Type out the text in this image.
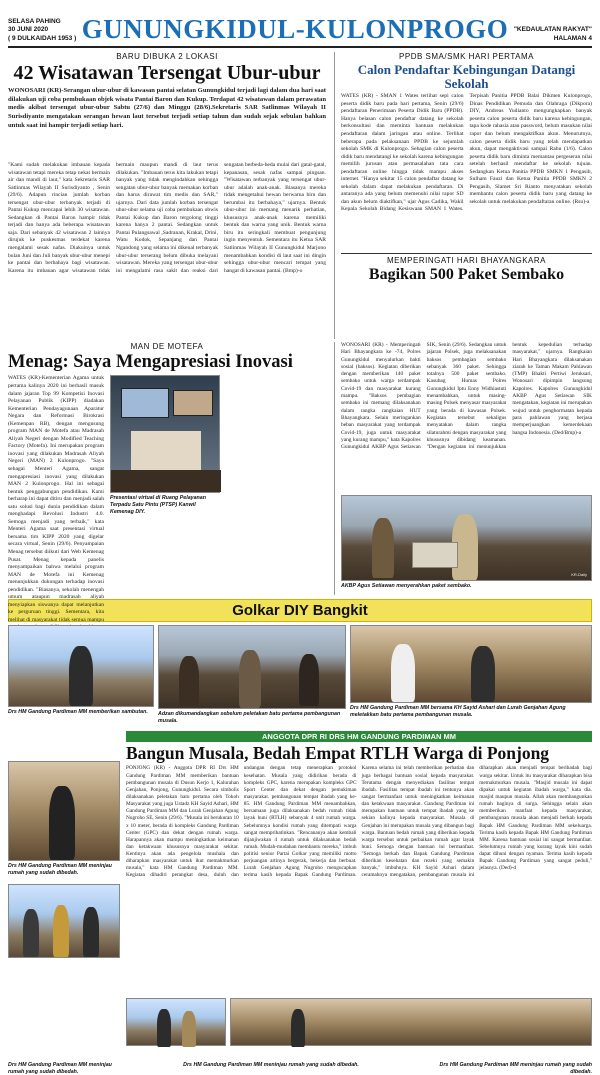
SELASA PAHING
30 JUNI 2020
( 9 DULKAIDAH 1953 ) GUNUNGKIDUL-KULONPROGO "KEDAULATAN RAKYAT"
HALAMAN 4
BARU DIBUKA 2 LOKASI
42 Wisatawan Tersengat Ubur-ubur
WONOSARI (KR)-Serangan ubur-ubur di kawasan pantai selatan Gunungkidul terjadi lagi dalam dua hari saat dilakukan uji coba pembukaan objek wisata Pantai Baron dan Kukup. Terdapat 42 wisatawan dalam perawatan medis akibat tersengat ubur-ubur Sabtu (27/6) dan Minggu (28/6).Sekretaris SAR Satlinmas Wilayah II Surisdiyanto mengatakan serangan hewan laut tersebut terjadi setiap tahun dan sudah sejak sebulan bahkan untuk saat ini hampir terjadi setiap hari.
"Kami sudah melakukan imbauan kepada wisatawan tetapi mereka tetap nekat bermain air dan mandi di laut," kata Sekretaris SAR Satlinmas Wilayah II Surisdiyanto , Senin (29/6). Adapun rincian jumlah korban tersengat ubur-ubur terbanyak terjadi di Pantai Kukup mencapai lebih 30 wisatawan. Sedangkan di Pantai Baron hampir tidak terjadi dan hanya ada beberapa wisatawan saja. Dari sebanyak 42 wisatawan 2 lainnya dirujuk ke puskesmas terdekat karena mengalami sesak nafas. Diakuinya untuk bulan Juni dan Juli banyak ubur-ubur menepi ke pantai dan berbahaya bagi wisatawan. Karena itu imbauan agar wisatawan tidak bermain maupun mandi di laut terus dilakukan. "Imbauan terus kita lakukan tetapi banyak yang tidak mengindahkan sehingga sengatan ubur-ubur banyak memakan korban dan harus dirawat tim medis dan SAR," ujarnya. Dari data jumlah korban tersengat ubur-ubur selama uji coba pembukaan obwis Pantai Kukup dan Baron tergolong tinggi karena hanya 2 pantai. Sedangkan untuk Pantai Pulangsawal ,Sadranan, Krakal, Drini, Watu Kodok, Sepanjang dan Pantai Ngandong yang selama ini dikenal terbanyak ubur-ubur terserang belum dibuka melayani wisatawan. Mereka yang tersengat ubur-ubur ini mengalami rasa sakit dan reaksi dari sengatan berbeda-beda mulai dari gatal-gatal, kepanasan, sesak nafas sampai pingsan. "Wisatawan terbanyak yang tersengat ubur-ubur adalah anak-anak. Biasanya mereka tidak mengetahui hewan berwarna biru dan berumbai itu berbahaya," ujarnya. Bentuk ubur-ubur ini memang menarik perhatian, khususnya anak-anak karena memiliki bentuk dan warna yang unik. Bentuk warna biru itu seringkali membuat pengunjung ingin menyentuh. Sementara itu Ketua SAR Satlinmas Wilayah II Gunungkidul Marjono menambahkan kondisi di laut saat ini dingin sehingga ubur-ubur mencari tempat yang hangat di kawasan pantai. (Bmp)-o
PPDB SMA/SMK HARI PERTAMA
Calon Pendaftar Kebingungan Datangi Sekolah
WATES (KR) - SMAN 1 Wates terlihat sepi calon peserta didik baru pada hari pertama, Senin (29/6) pendaftaran Penerimaan Peserta Didik Baru (PPDB). Hanya belasan calon pendaftar datang ke sekolah berkonsultasi dan meminta bantuan melakukan pendaftaran dalam jaringan atau online. Terlihat beberapa pada pelaksanaan PPDB ke sejumlah sekolah SMK di Kulonprogo. Sebagian calon peserta didik baru mendatangi ke sekolah karena kebingungan memilih jurusan atau permasalahan tata cara pendaftaran online hingga tidak mampu akses internet. "Hanya sekitar 15 calon pendaftar datang ke sekolah dalam dapat melakukan pendaftaran. Di antaranya ada yang belum memenuhi nilai rapor SD dan akun belum diaktifkan," ujar Agus Cadika, Wakil Kepala Sekolah Bidang Kesiswaan SMAN 1 Wates. Terpisah Panitia PPDB Balai Dikmen Kulonprogo, Dinas Pendidikan Pemuda dan Olahraga (Dikpora) DIY, Andreas Yudianto mengungkapkan banyak peserta calon peserta didik baru karena kebingungan, tapa kode rahasia atau password, belum masukan nilai rapor dan belum mengaktifkan akun. Menurutnya, calon peserta didik baru yang telah mendapatkan akun, dapat mengaktivasi sampai Rabu (1/6). Calon peserta didik baru diminta memantau pergeseran nilai setelah berhasil mendaftar ke sekolah tujuan. Sedangkan Ketua Panitia PPDB SMKN 1 Pengasih, Sulham Fauzi dan Ketua Panitia PPDB SMKN 2 Pengasih, Slamet Sri Rianto menyatakan sekolah membantu calon peserta didik baru yang datang ke sekolah untuk melakukan pendaftaran online. (Rsu)-a
MEMPERINGATI HARI BHAYANGKARA
Bagikan 500 Paket Sembako
MAN DE MOTEFA
Menag: Saya Mengapresiasi Inovasi
WATES (KR)-Kementerian Agama untuk pertama kalinya 2020 ini berhasil masuk dalam jajaran Top 99 Kompetisi Inovasi Pelayanan Publik (KIPP) diadakan Kementerian Pendayagunaan Aparatur Negara dan Reformasi Birokrasi (Kemenpan RB), dengan mengusung program MAN de Motefa atau Madrasah Aliyah Negeri dengan Modified Teaching Factory (Motefa). Ini merupakan program inovasi yang dilakukan Madrasah Aliyah Negeri (MAN) 2 Kulonprogo. "Saya sebagai Menteri Agama, sangat mengapresiasi inovasi yang dilakukan MAN 2 Kulonprogo. Hal ini sebagai bentuk penggabungan pendidikan. Kami berharap ini dapat ditiru dan menjadi salah satu solusi bagi dunia pendidikan dalam menghadapi Revolusi Industri 4.0. Semoga menjadi yang terbaik," kata Menteri Agama saat presentasi virtual bersama tim KIPP 2020 yang digelar secara virtual, Senin (29/6). Penyampaian Menag tersebut diikuti dari Web Kemenag Pusat. Menag kepada panelis menyampaikan bahwa melalui program MAN de Motefa ini Kemenag menunjukkan dukungan terhadap inovasi pendidikan. "Biasanya, sekolah menengah umum ataupun madrasah aliyah menyiapkan siswanya dapat melanjutkan ke perguruan tinggi. Sementara, kita melihat di masyarakat tidak semua mampu
Presentasi virtual di Ruang Pelayanan Terpadu Satu Pintu (PTSP) Kanwil Kemenag DIY.
WONOSARI (KR) - Memperingati Hari Bhayangkara ke -74, Polres Gunungkidul menyalurkan bakti sosial (baksos). Kegiatan diberikan dengan memberikan 140 paket sembako untuk warga terdampak Covid-19 dan masyarakat kurang mampu. "Baksos pembagian sembako ini memang dilaksanakan dalam rangka rangkaian HUT Bhayangkara. Selain meringankan beban masyarakat yang terdampak Covid-19, juga untuk masyarakat yang kurang mampu," kata Kapolres Gunungkidul AKBP Agus Setiawan SIK, Senin (29/6). Sedangkan untuk jajaran Polsek, juga melaksanakan baksos pembagian sembako sebanyak 360 paket. Sehingga totalnya 500 paket sembako. Kasubag Humas Polres Gunungkidul Iptu Enny Widhiastuti menambahkan, untuk masing-masing Polsek menyasar masyarakat yang berada di kawasan Polsek. Kegiatan tersebut sekaligus menyatakan dalam rangka silaturahmi dengan masyarakat yang khususnya dibidang keamanan. "Dengan kegiatan ini menunjukkan bentuk kepedulian terhadap masyarakat," ujarnya. Rangkaian Hari Bhayangkara dilaksanakan ziarah ke Taman Makam Pahlawan (TMP) Bhakti Pertiwi Jeruksari, Wonosari dipimpin langsung Kapolres. Kapolres Gunungkidul AKBP Agus Setiawan SIK mengatakan, kegiatan ini merupakan wujud untuk penghormatan kepada para pahlawan yang berjasa memperjuangkan kemerdekaan bangsa Indonesia. (Ded/Bmp)-a
KR-Daily
AKBP Agus Setiawan menyerahkan paket sembako.
Golkar DIY Bangkit
Drs HM Gandung Pardiman MM memberikan sambutan.	Adzan dikumandangkan sebelum peletakan batu pertama pembangunan musala.
Drs HM Gandung Pardiman MM bersama KH Sayid Ashari dan Lurah Genjahan Agung meletakkan batu pertama pembangunan musala.
Drs HM Gandung Pardiman MM meninjau rumah yang sudah dibedah.
ANGGOTA DPR RI DRS HM GANDUNG PARDIMAN MM
Bangun Musala, Bedah Empat RTLH Warga di Ponjong
PONJONG (KR) - Anggota DPR RI Drs HM Gandung Pardiman MM memberikan bantuan pembangunan musala di Dusun Kerjo 1, Kalurahan Genjahan, Ponjong, Gunungkidul. Secara simbolis dilaksanakan peletakan batu pertama oleh Tokoh Masyarakat yang juga Ustadz KH Sayid Ashari, HM Gandung Pardiman MM dan Lurah Genjahan Agung Nugroho SE, Senin (29/6). "Musala ini berukuran 10 x 10 meter, berada di kompleks Gandung Pardiman Center (GPC) dan dekat dengan rumah warga. Harapannya akan mampu meningkatkan keimanan dan ketakwaan khususnya masyarakat sekitar. Kentinya akan ada pengelola mushala dan diharapkan masyarakat untuk ikut memakmurkan musala," kata HM Gandung Pardiman MM. Kegiatan dihadiri perangkat desa, duluh dan undangan dengan tetap menerapkan protokol kesehatan. Musala yang didirikan berada di kompleks GPC, karena merupakan kompleks GPC Sport Center dan dekat dengan pemukiman masyarakat. pembangunan tempat ibadah yang ke-85. HM Gandung Pardiman MM menambahkan, bersamaan juga dilaksanakan bedah rumah tidak layak huni (RTLH) sebanyak 4 unit rumah warga. Sebelumnya kondisi rumah yang ditempati warga sangat memprihatinkan. "Rencananya akan kembali dijanjiwakan 4 rumah untuk dilaksanakan bedah rumah. Mudah-mudahan membantu mereka," imbuh politisi senior Partai Golkar yang memiliki motto perjuangan artinya bergerak, bekerja dan berbuat. Lurah Genjahan Agung Nugroho mengucapkan terima kasih kepada Bapak Gandung Pardiman. Karena selama ini telah memberikan perhatian dan juga berbagai bantuan sosial kepada masyarakat. Terutama dengan menyediakan fasilitas tempat ibadah. Fasilitas tempat ibadah ini tentunya akan sangat bermanfaat untuk meningkatkan keimanan dan ketakwaan masyarakat. Gandung Pardiman ini merupakan bantuan untuk tempat ibadah yang ke sekian kalinya kepada masyarakat. Musala di Genjahan ini merupakan musala yang dibangun bagi warga. Bantuan bedah rumah yang diberikan kepada warga tersebut untuk perbaikan rumah agar layak huni. Semoga dengan bantuan ini bermanfaat. "Semoga berkah dan Bapak Gandung Pardiman diberikan kesehatan dan rezeki yang semakin banyak," imbuhnya. KH Sayid Ashari dalam ceramahnya mengatakan, pembangunan musala ini diharapkan akan menjadi tempat beribadah bagi warga sekitar. Untuk itu masyarakat diharapkan bisa memakmurkan musala. "Masjid musala ini dapat dipakai untuk kegiatan ibadah warga," kata dia. masjid maupun musala. Allah akan membangunkan rumah baginya di surga. Sehingga selain akan memberikan manfaat kepada masyarakat, pembangunan musala akan menjadi berkah kepada Bapak HM Gandung Pardiman MM sekeluarga. Terima kasih kepada Bapak HM Gandung Pardiman MM. Karena bantuan sosial ini sangat bermanfaat. Sebelumnya rumah yang kurang layak kini sudah dapat dihuni dengan nyaman. Terima kasih kepada Bapak Gandung Pardiman yang sangat peduli," jelasnya. (Ded)-d
Drs HM Gandung Pardiman MM meninjau rumah yang sudah dibedah.
Drs HM Gandung Pardiman MM meninjau rumah yang sudah dibedah.	Drs HM Gandung Pardiman MM meninjau rumah yang sudah dibedah.
